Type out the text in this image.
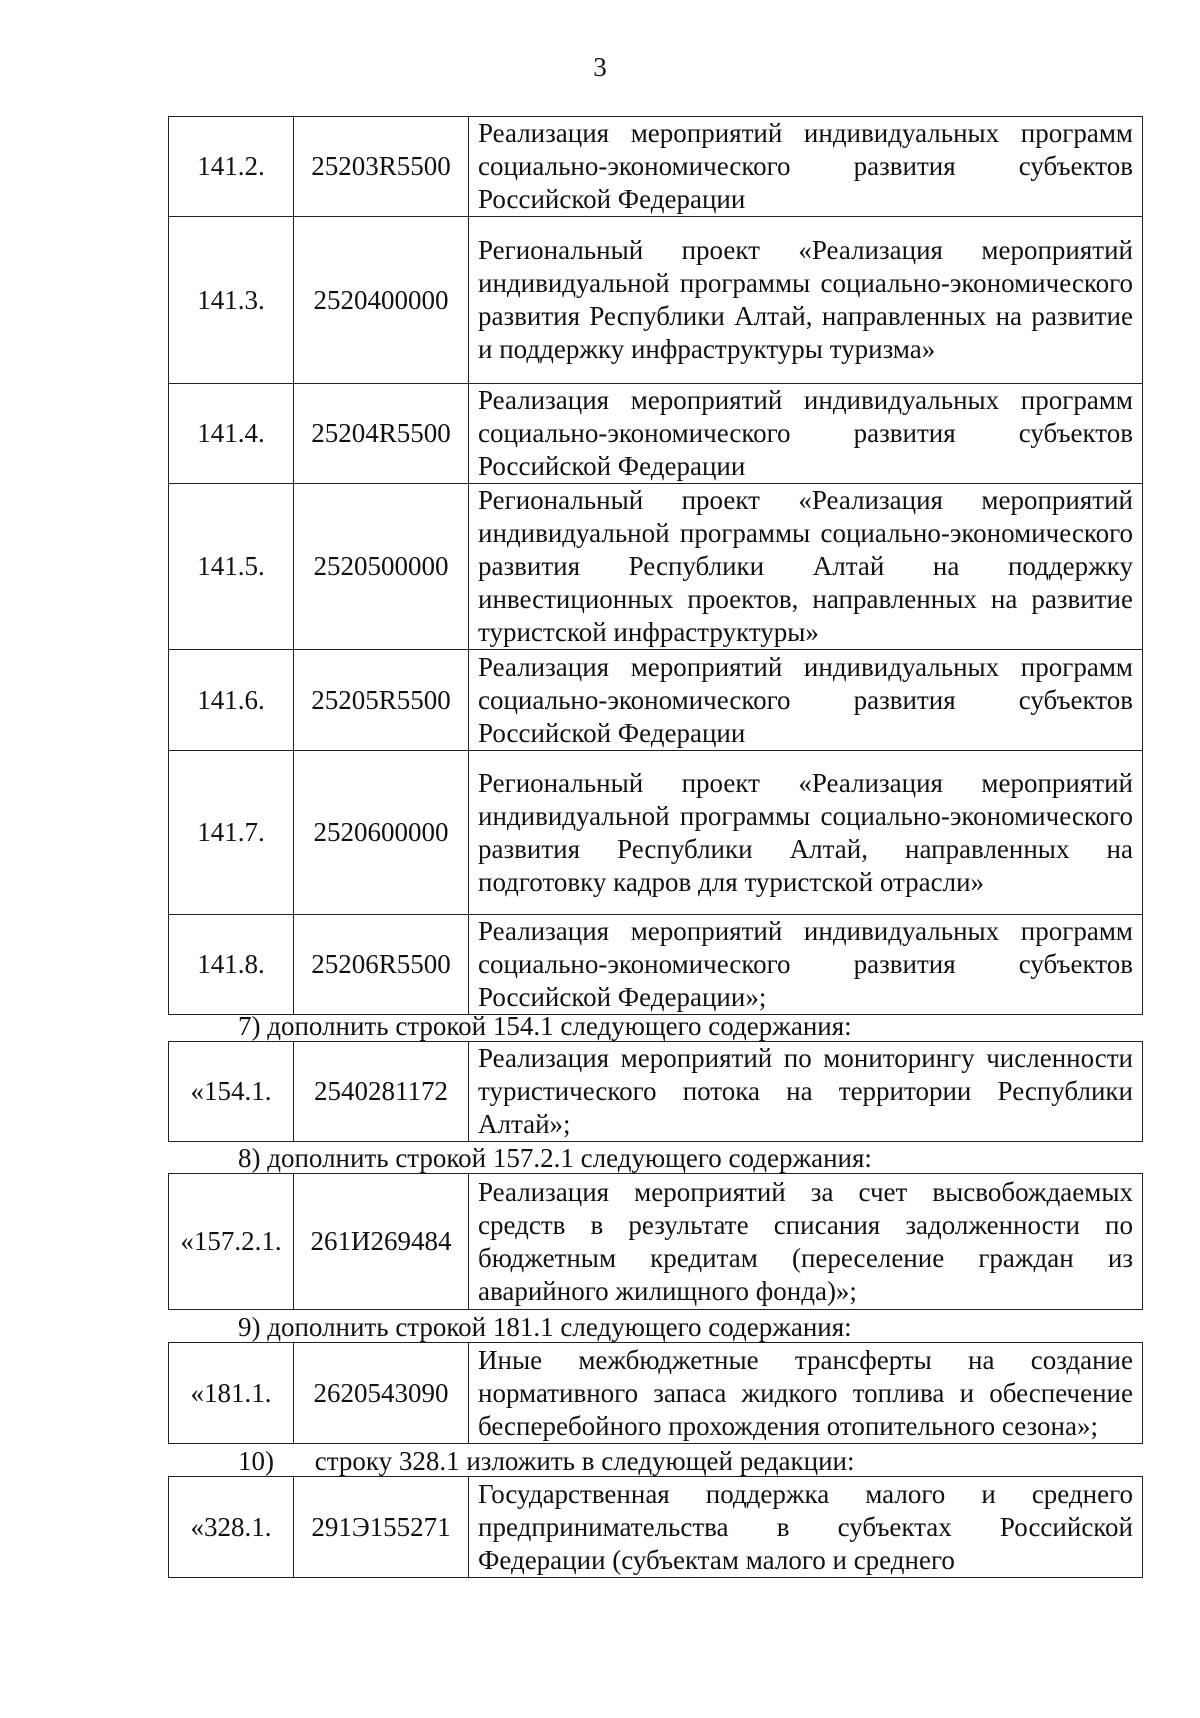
3
141.2.	25203R5500	Реализация мероприятий индивидуальных программ социально-экономического развития субъектов Российской Федерации
141.3.	2520400000	Региональный проект «Реализация мероприятий индивидуальной программы социально-экономического развития Республики Алтай, направленных на развитие и поддержку инфраструктуры туризма»
141.4.	25204R5500	Реализация мероприятий индивидуальных программ социально-экономического развития субъектов Российской Федерации
141.5.	2520500000	Региональный проект «Реализация мероприятий индивидуальной программы социально-экономического развития Республики Алтай на поддержку инвестиционных проектов, направленных на развитие туристской инфраструктуры»
141.6.	25205R5500	Реализация мероприятий индивидуальных программ социально-экономического развития субъектов Российской Федерации
141.7.	2520600000	Региональный проект «Реализация мероприятий индивидуальной программы социально-экономического развития Республики Алтай, направленных на подготовку кадров для туристской отрасли»
141.8.	25206R5500	Реализация мероприятий индивидуальных программ социально-экономического развития субъектов Российской Федерации»;
7) дополнить строкой 154.1 следующего содержания:
«154.1.	2540281172	Реализация мероприятий по мониторингу численности туристического потока на территории Республики Алтай»;
8) дополнить строкой 157.2.1 следующего содержания:
«157.2.1.	261И269484	Реализация мероприятий за счет высвобождаемых средств в результате списания задолженности по бюджетным кредитам (переселение граждан из аварийного жилищного фонда)»;
9) дополнить строкой 181.1 следующего содержания:
«181.1.	2620543090	Иные межбюджетные трансферты на создание нормативного запаса жидкого топлива и обеспечение бесперебойного прохождения отопительного сезона»;
10) строку 328.1 изложить в следующей редакции:
«328.1.	291Э155271	Государственная поддержка малого и среднего предпринимательства в субъектах Российской Федерации (субъектам малого и среднего
